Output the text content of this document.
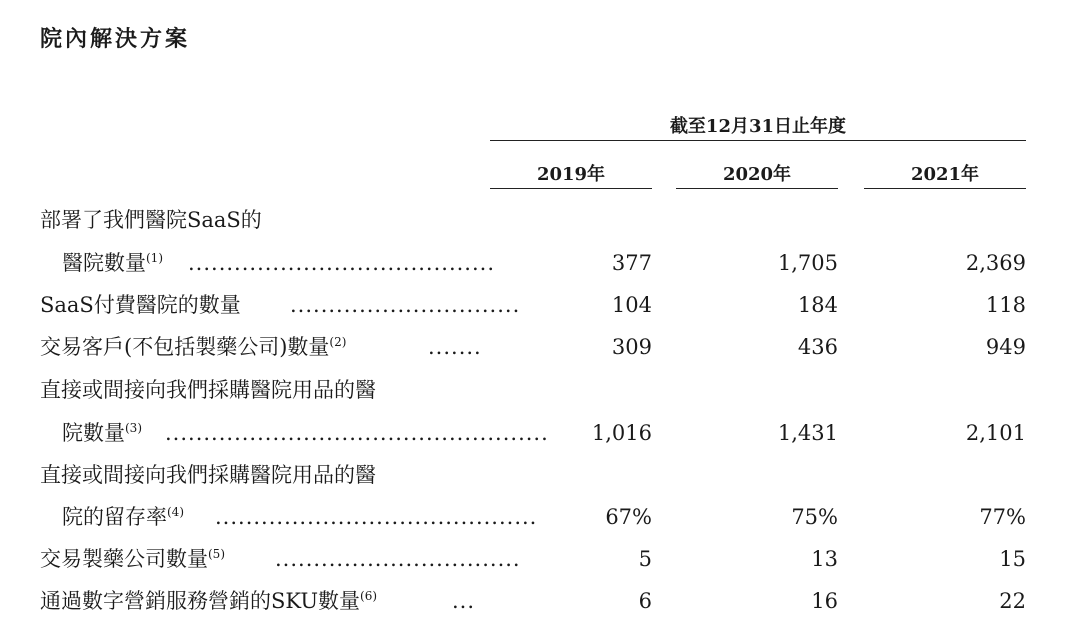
院內解決方案
截至12月31日止年度
2019年	2020年	2021年
部署了我們醫院SaaS的
醫院數量$^{(1)}$ ........................................	377	1,705	2,369
SaaS付費醫院的數量 ..............................	104	184	118
交易客戶(不包括製藥公司)數量$^{(2)}$	.......	309	436	949
直接或間接向我們採購醫院用品的醫
院數量$^{(3)}$ .................................................. 1,016	1,431	2,101
直接或間接向我們採購醫院用品的醫
院的留存率$^{(4)}$ ..........................................	67%	75%	77%
交易製藥公司數量$^{(5)}$ ................................	5	13	15
通過數字營銷服務營銷的SKU數量$^{(6)}$	...	6	16	22
